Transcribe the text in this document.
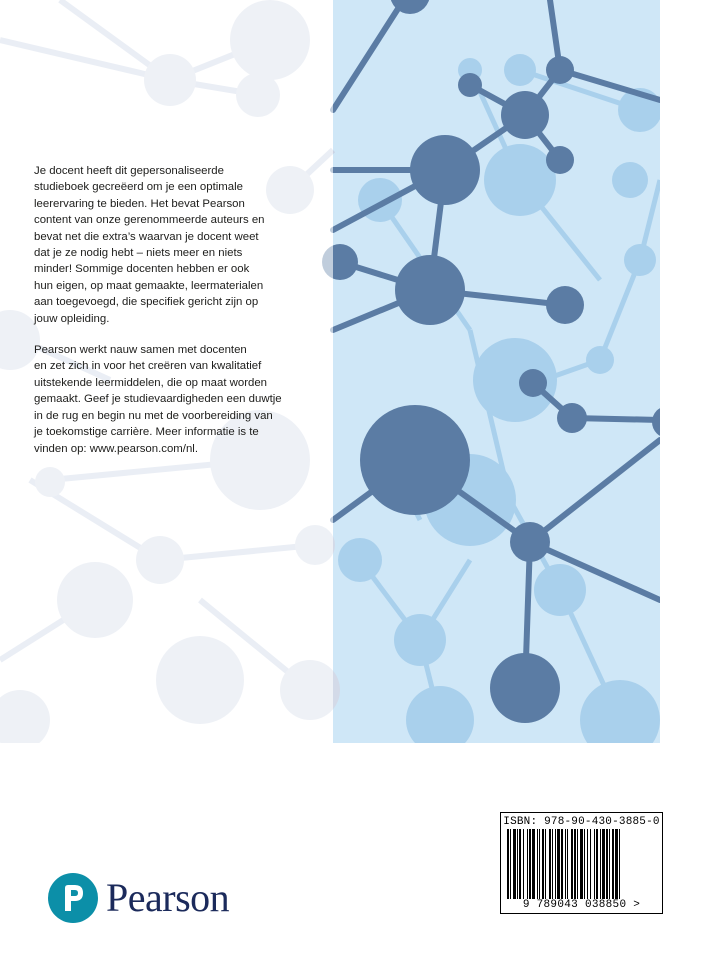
Je docent heeft dit gepersonaliseerde
studieboek gecreëerd om je een optimale
leerervaring te bieden. Het bevat Pearson
content van onze gerenommeerde auteurs en
bevat net die extra’s waarvan je docent weet
dat je ze nodig hebt – niets meer en niets
minder! Sommige docenten hebben er ook
hun eigen, op maat gemaakte, leermaterialen
aan toegevoegd, die specifiek gericht zijn op
jouw opleiding.

Pearson werkt nauw samen met docenten
en zet zich in voor het creëren van kwalitatief
uitstekende leermiddelen, die op maat worden
gemaakt. Geef je studievaardigheden een duwtje
in de rug en begin nu met de voorbereiding van
je toekomstige carrière. Meer informatie is te
vinden op: www.pearson.com/nl.

Pearson
ISBN: 978-90-430-3885-0
9 789043 038850 >
